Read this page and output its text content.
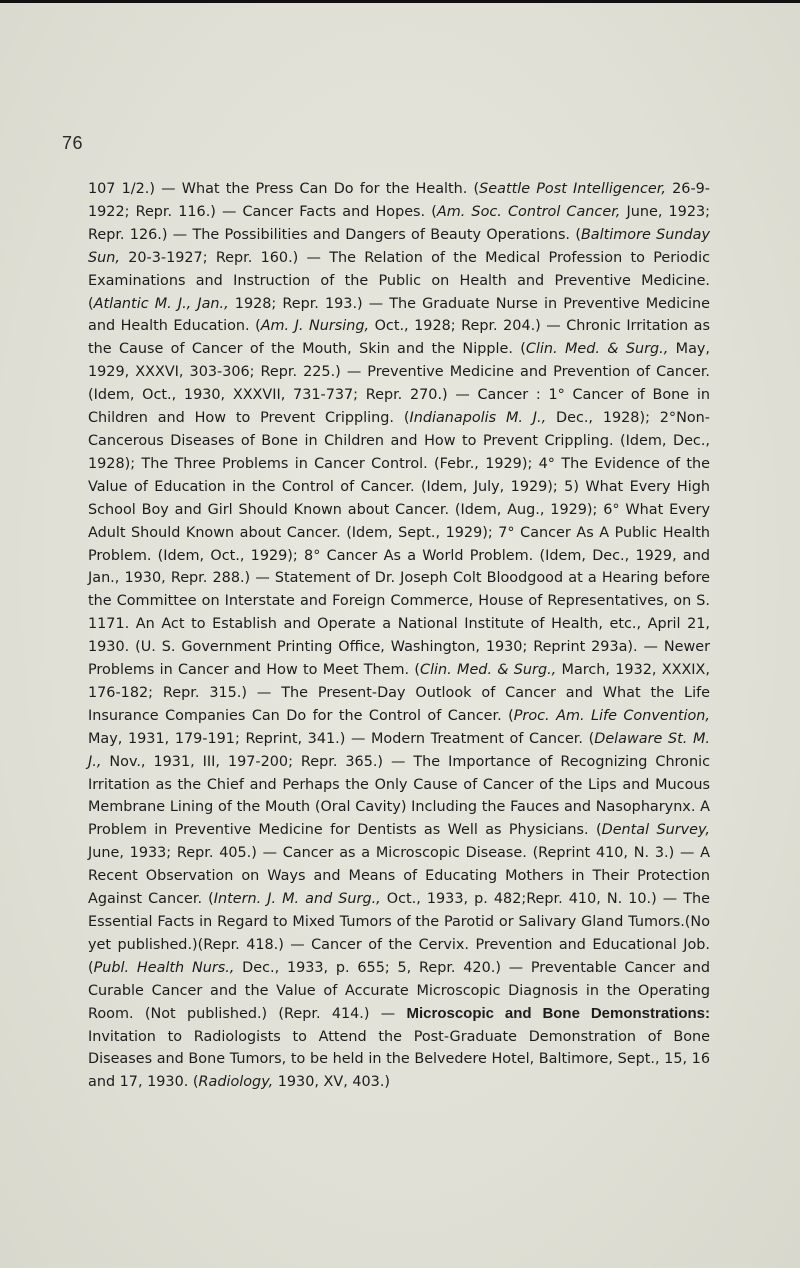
76
107 1/2.) — What the Press Can Do for the Health. (Seattle Post Intelligencer, 26-9-1922; Repr. 116.) — Cancer Facts and Hopes. (Am. Soc. Control Cancer, June, 1923; Repr. 126.) — The Possibilities and Dangers of Beauty Operations. (Baltimore Sunday Sun, 20-3-1927; Repr. 160.) — The Relation of the Medical Profession to Periodic Examinations and Instruction of the Public on Health and Preventive Medicine. (Atlantic M. J., Jan., 1928; Repr. 193.) — The Graduate Nurse in Preventive Medicine and Health Education. (Am. J. Nursing, Oct., 1928; Repr. 204.) — Chronic Irritation as the Cause of Cancer of the Mouth, Skin and the Nipple. (Clin. Med. & Surg., May, 1929, XXXVI, 303-306; Repr. 225.) — Preventive Medicine and Prevention of Cancer. (Idem, Oct., 1930, XXXVII, 731-737; Repr. 270.) — Cancer : 1° Cancer of Bone in Children and How to Prevent Crippling. (Indianapolis M. J., Dec., 1928); 2°Non-Cancerous Diseases of Bone in Children and How to Prevent Crippling. (Idem, Dec., 1928); The Three Problems in Cancer Control. (Febr., 1929); 4° The Evidence of the Value of Education in the Control of Cancer. (Idem, July, 1929); 5) What Every High School Boy and Girl Should Known about Cancer. (Idem, Aug., 1929); 6° What Every Adult Should Known about Cancer. (Idem, Sept., 1929); 7° Cancer As A Public Health Problem. (Idem, Oct., 1929); 8° Cancer As a World Problem. (Idem, Dec., 1929, and Jan., 1930, Repr. 288.) — Statement of Dr. Joseph Colt Bloodgood at a Hearing before the Committee on Interstate and Foreign Commerce, House of Representatives, on S. 1171. An Act to Establish and Operate a National Institute of Health, etc., April 21, 1930. (U. S. Government Printing Office, Washington, 1930; Reprint 293a). — Newer Problems in Cancer and How to Meet Them. (Clin. Med. & Surg., March, 1932, XXXIX, 176-182; Repr. 315.) — The Present-Day Outlook of Cancer and What the Life Insurance Companies Can Do for the Control of Cancer. (Proc. Am. Life Convention, May, 1931, 179-191; Reprint, 341.) — Modern Treatment of Cancer. (Delaware St. M. J., Nov., 1931, III, 197-200; Repr. 365.) — The Importance of Recognizing Chronic Irritation as the Chief and Perhaps the Only Cause of Cancer of the Lips and Mucous Membrane Lining of the Mouth (Oral Cavity) Including the Fauces and Nasopharynx. A Problem in Preventive Medicine for Dentists as Well as Physicians. (Dental Survey, June, 1933; Repr. 405.) — Cancer as a Microscopic Disease. (Reprint 410, N. 3.) — A Recent Observation on Ways and Means of Educating Mothers in Their Protection Against Cancer. (Intern. J. M. and Surg., Oct., 1933, p. 482;Repr. 410, N. 10.) — The Essential Facts in Regard to Mixed Tumors of the Parotid or Salivary Gland Tumors.(No yet published.)(Repr. 418.) — Cancer of the Cervix. Prevention and Educational Job. (Publ. Health Nurs., Dec., 1933, p. 655; 5, Repr. 420.) — Preventable Cancer and Curable Cancer and the Value of Accurate Microscopic Diagnosis in the Operating Room. (Not published.) (Repr. 414.) — Microscopic and Bone Demonstrations: Invitation to Radiologists to Attend the Post-Graduate Demonstration of Bone Diseases and Bone Tumors, to be held in the Belvedere Hotel, Baltimore, Sept., 15, 16 and 17, 1930. (Radiology, 1930, XV, 403.)
